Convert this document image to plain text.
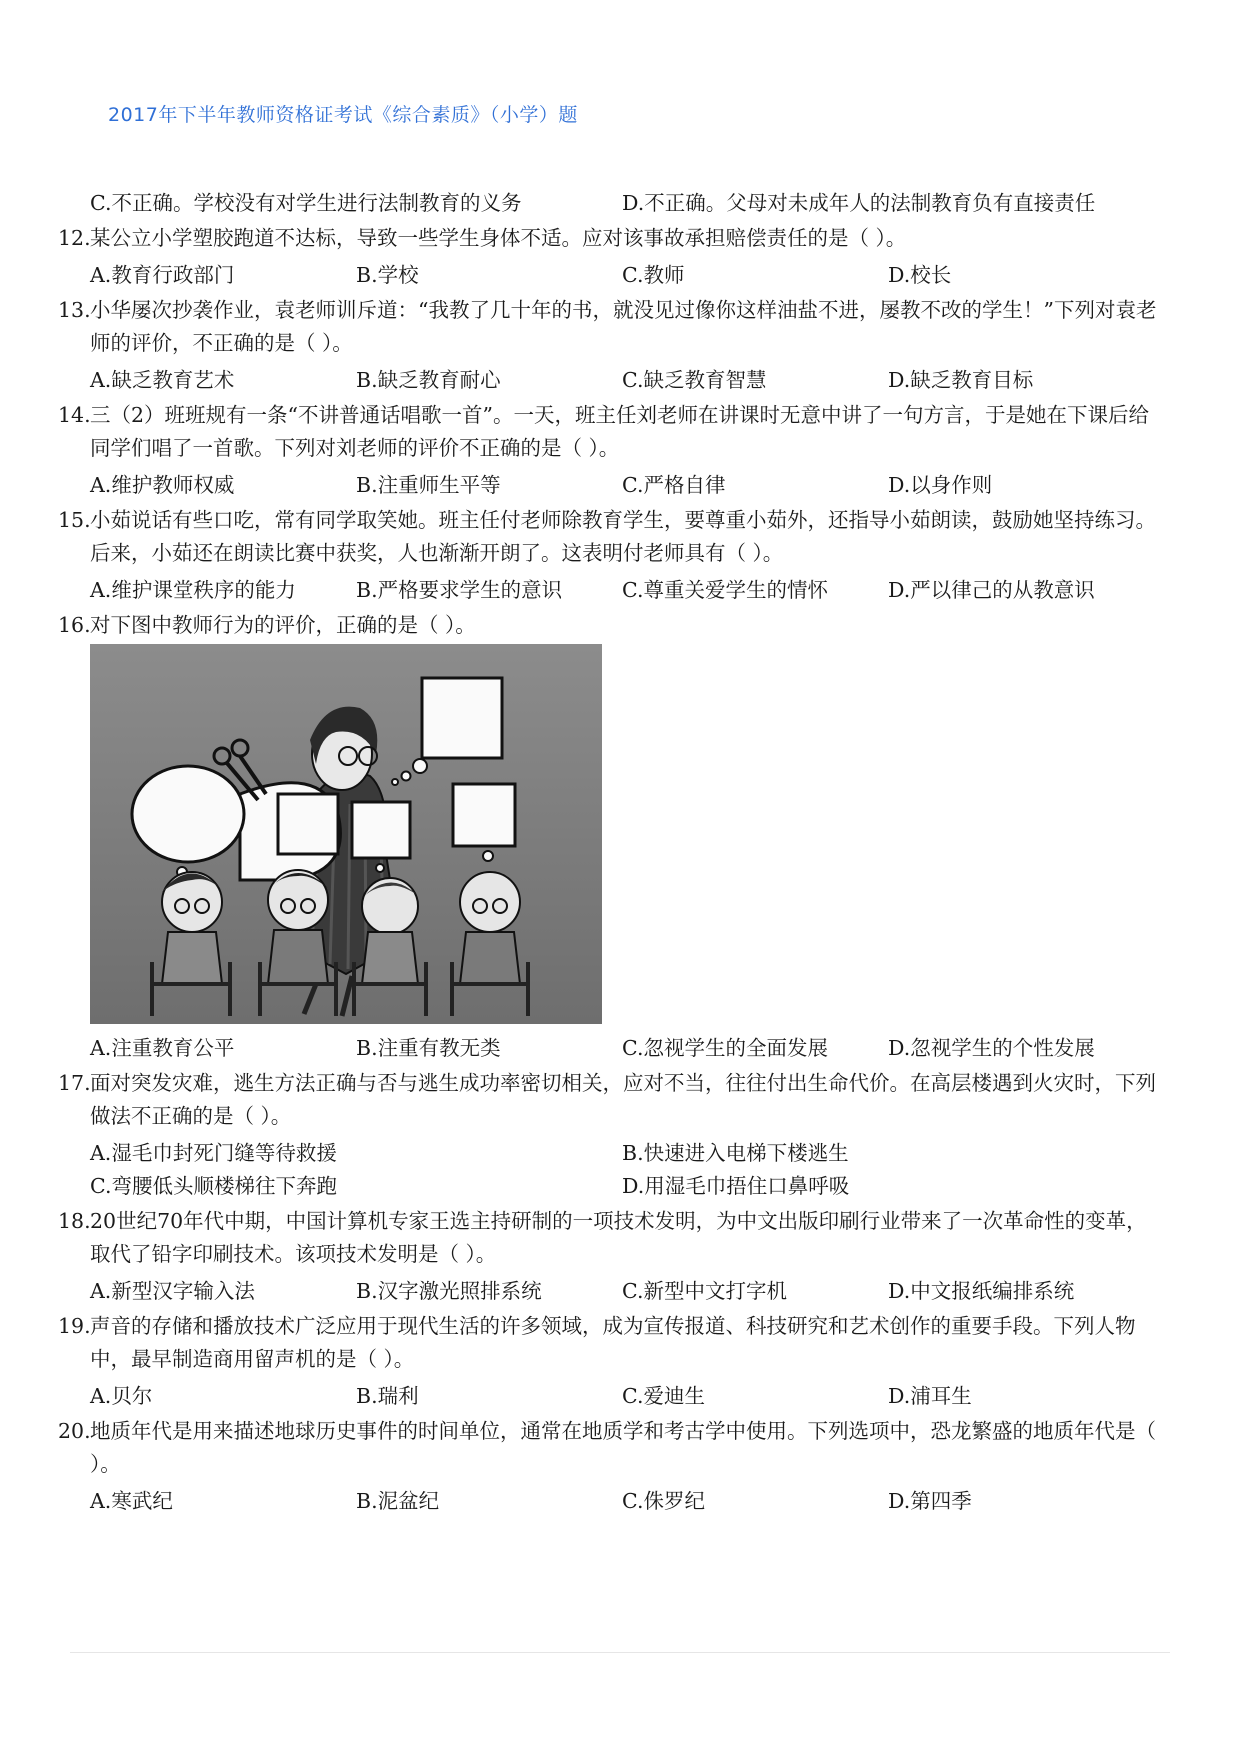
2017年下半年教师资格证考试《综合素质》（小学）题
C.不正确。学校没有对学生进行法制教育的义务	D.不正确。父母对未成年人的法制教育负有直接责任
12. 某公立小学塑胶跑道不达标，导致一些学生身体不适。应对该事故承担赔偿责任的是（ ）。
A.教育行政部门	B.学校	C.教师	D.校长
13. 小华屡次抄袭作业，袁老师训斥道：“我教了几十年的书，就没见过像你这样油盐不进，屡教不改的学生！”下列对袁老师的评价，不正确的是（ ）。
A.缺乏教育艺术	B.缺乏教育耐心	C.缺乏教育智慧	D.缺乏教育目标
14. 三（2）班班规有一条“不讲普通话唱歌一首”。一天，班主任刘老师在讲课时无意中讲了一句方言，于是她在下课后给同学们唱了一首歌。下列对刘老师的评价不正确的是（ ）。
A.维护教师权威	B.注重师生平等	C.严格自律	D.以身作则
15. 小茹说话有些口吃，常有同学取笑她。班主任付老师除教育学生，要尊重小茹外，还指导小茹朗读，鼓励她坚持练习。后来，小茹还在朗读比赛中获奖，人也渐渐开朗了。这表明付老师具有（ ）。
A.维护课堂秩序的能力	B.严格要求学生的意识	C.尊重关爱学生的情怀	D.严以律己的从教意识
16. 对下图中教师行为的评价，正确的是（ ）。
A.注重教育公平	B.注重有教无类	C.忽视学生的全面发展	D.忽视学生的个性发展
17. 面对突发灾难，逃生方法正确与否与逃生成功率密切相关，应对不当，往往付出生命代价。在高层楼遇到火灾时，下列做法不正确的是（ ）。
A.湿毛巾封死门缝等待救援	B.快速进入电梯下楼逃生
C.弯腰低头顺楼梯往下奔跑	D.用湿毛巾捂住口鼻呼吸
18. 20世纪70年代中期，中国计算机专家王选主持研制的一项技术发明，为中文出版印刷行业带来了一次革命性的变革，取代了铅字印刷技术。该项技术发明是（ ）。
A.新型汉字输入法	B.汉字激光照排系统	C.新型中文打字机	D.中文报纸编排系统
19. 声音的存储和播放技术广泛应用于现代生活的许多领域，成为宣传报道、科技研究和艺术创作的重要手段。下列人物中，最早制造商用留声机的是（ ）。
A.贝尔	B.瑞利	C.爱迪生	D.浦耳生
20. 地质年代是用来描述地球历史事件的时间单位，通常在地质学和考古学中使用。下列选项中，恐龙繁盛的地质年代是（ ）。
A.寒武纪	B.泥盆纪	C.侏罗纪	D.第四季
